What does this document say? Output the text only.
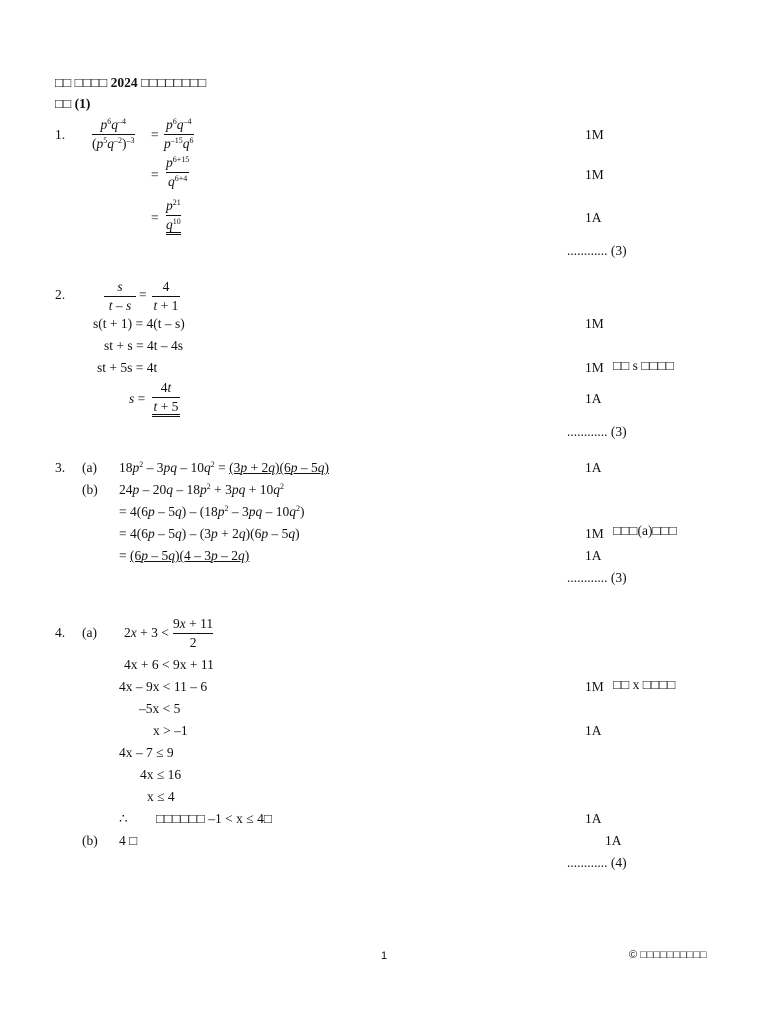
□□ □□□□ 2024 □□□□□□□□
□□ (1)
1.
$p^6q^{-4}$
$(p^5q^{-2})^{-3}$ =
$p^6q^{-4}$
$p^{-15}q^6$
=
$p^{6+15}$
$q^{6+4}$
=
$p^{21}$
$q^{10}$
1M
1M
1A
............ (3)
2.
s
t – s
=
4
t + 1
s(t + 1) = 4(t – s)
st + s = 4t – 4s
st + 5s = 4t
s =
4t
t + 5
1M
1M □□ s □□□□
1A
............ (3)
3. (a) $18p^2 - 3pq - 10q^2 = (3p + 2q)(6p - 5q)$
(b) $24p - 20q - 18p^2 + 3pq + 10q^2$
= $4(6p - 5q) - (18p^2 - 3pq - 10q^2)$
= 4(6p – 5q) – (3p + 2q)(6p – 5q)
= (6p – 5q)(4 – 3p – 2q)
1A
1M □□□(a)□□□
1A
............ (3)
4. (a) 2x + 3 <
9x + 11
2
4x + 6 < 9x + 11
4x – 9x < 11 – 6
–5x < 5
x > –1
4x – 7 ≤ 9
4x ≤ 16
x ≤ 4
∴ □□□□□□ –1 < x ≤ 4□
(b) 4 □
1M □□ x □□□□
1A
1A
1A
............ (4)
1	© □□□□□□□□□□
